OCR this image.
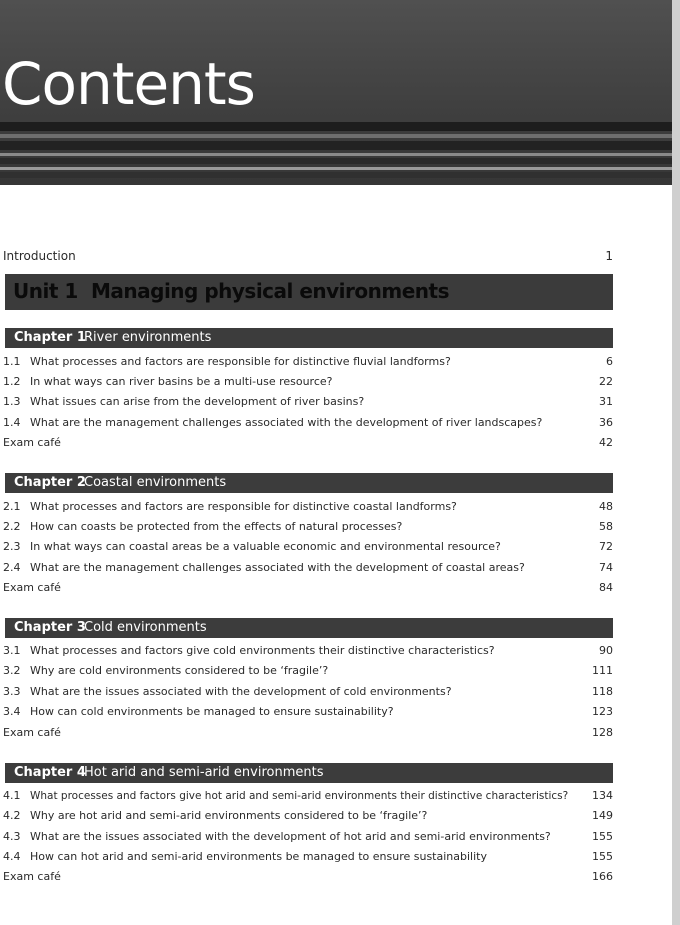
Contents
Introduction	1
Unit 1 Managing physical environments
Chapter 1
River environments
1.1 What processes and factors are responsible for distinctive fluvial landforms?	6
1.2 In what ways can river basins be a multi-use resource?	22
1.3 What issues can arise from the development of river basins?	31
1.4 What are the management challenges associated with the development of river landscapes?	36
Exam café	42
Chapter 2
Coastal environments
2.1 What processes and factors are responsible for distinctive coastal landforms?	48
2.2 How can coasts be protected from the effects of natural processes?	58
2.3 In what ways can coastal areas be a valuable economic and environmental resource?	72
2.4 What are the management challenges associated with the development of coastal areas?	74
Exam café	84
Chapter 3
Cold environments
3.1 What processes and factors give cold environments their distinctive characteristics?	90
3.2 Why are cold environments considered to be ‘fragile’?	111
3.3 What are the issues associated with the development of cold environments?	118
3.4 How can cold environments be managed to ensure sustainability?	123
Exam café	128
Chapter 4
Hot arid and semi-arid environments
4.1 What processes and factors give hot arid and semi-arid environments their distinctive characteristics? 134
4.2 Why are hot arid and semi-arid environments considered to be ‘fragile’?	149
4.3 What are the issues associated with the development of hot arid and semi-arid environments?	155
4.4 How can hot arid and semi-arid environments be managed to ensure sustainability	155
Exam café	166
